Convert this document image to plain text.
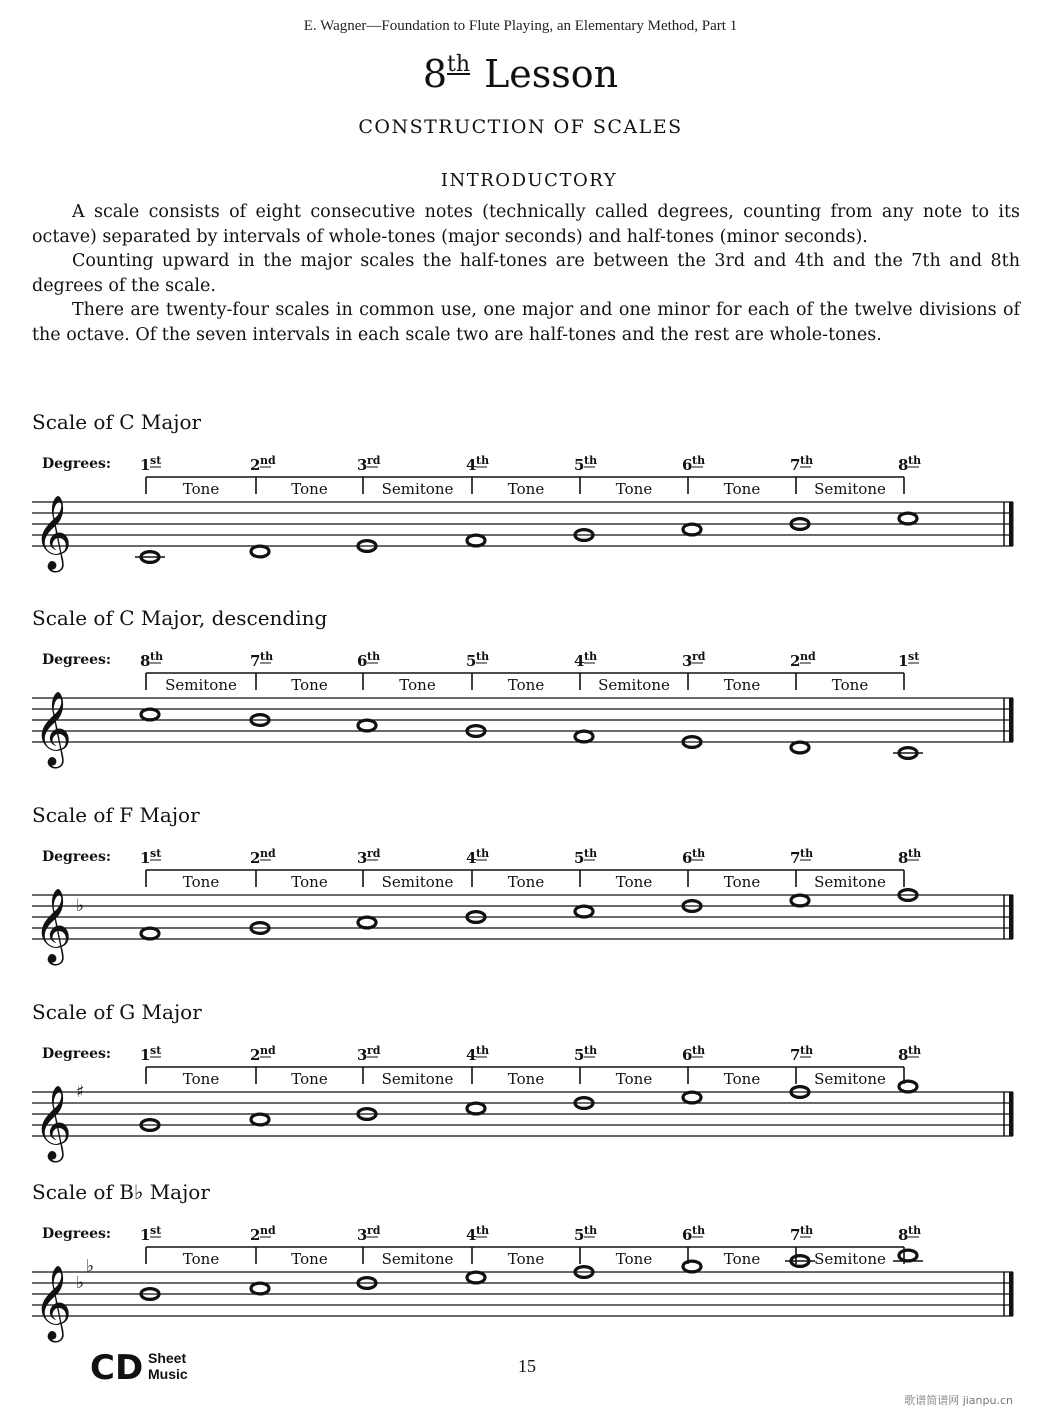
E. Wagner—Foundation to Flute Playing, an Elementary Method, Part 1
8th Lesson
CONSTRUCTION OF SCALES
INTRODUCTORY

A scale consists of eight consecutive notes (technically called degrees, counting from any note to its octave) separated by intervals of whole-tones (major seconds) and half-tones (minor seconds).

Counting upward in the major scales the half-tones are between the 3rd and 4th and the 7th and 8th degrees of the scale.

There are twenty-four scales in common use, one major and one minor for each of the twelve divisions of the octave. Of the seven intervals in each scale two are half-tones and the rest are whole-tones.

Scale of C Major
Degrees:
𝄞
1 st	2 nd	3 rd	4 th	5 th	6 th	7 th	8 th
Tone	Tone	Semitone	Tone	Tone	Tone	Semitone
Scale of C Major, descending
Degrees:
𝄞
8 th	7 th	6 th	5 th	4 th	3 rd	2 nd	1 st
Semitone	Tone	Tone	Tone	Semitone	Tone	Tone
Scale of F Major
Degrees:
𝄞 ♭
1 st	2 nd	3 rd	4 th	5 th	6 th	7 th	8 th
Tone	Tone	Semitone	Tone	Tone	Tone	Semitone
Scale of G Major
Degrees:
𝄞 ♯
1 st	2 nd	3 rd	4 th	5 th	6 th	7 th	8 th
Tone	Tone	Semitone	Tone	Tone	Tone	Semitone
Scale of B♭ Major
Degrees:
𝄞 ♭
♭
1 st	2 nd	3 rd	4 th	5 th	6 th	7 th	8 th
Tone	Tone	Semitone	Tone	Tone	Tone	Semitone
CD Sheet
Music	15
歌谱简谱网 jianpu.cn
